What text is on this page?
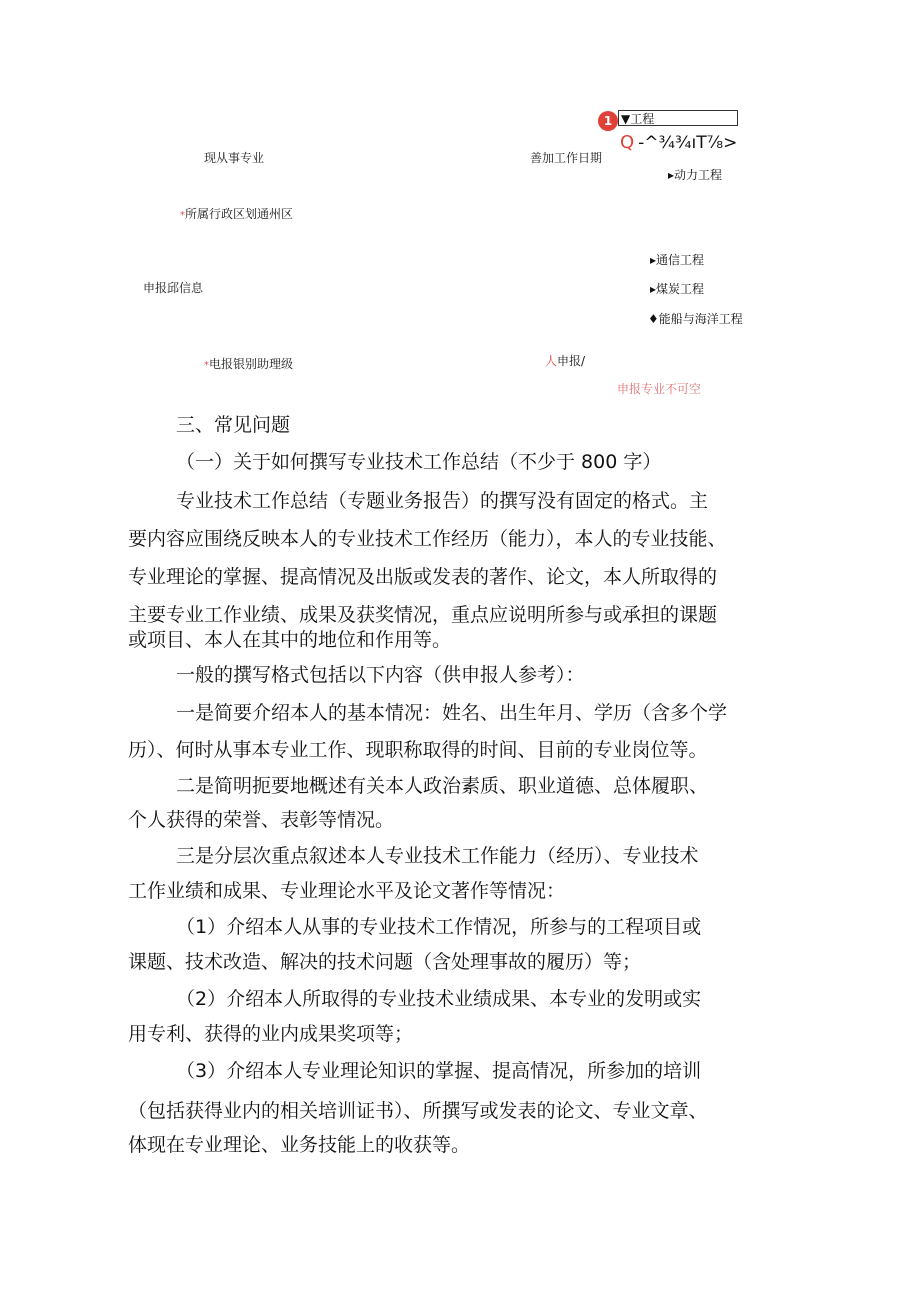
1 ▼工程
Q -^¾¾ıT⅞>
现从事专业	善加工作日期
▸动力工程
*所属行政区划通州区
▸通信工程
申报邱信息	▸煤炭工程
♦能船与海洋工程
*电报银别助理级	人申报/
申报专业不可空
三、常见问题
（一）关于如何撰写专业技术工作总结（不少于 800 字）
专业技术工作总结（专题业务报告）的撰写没有固定的格式。主
要内容应围绕反映本人的专业技术工作经历（能力），本人的专业技能、
专业理论的掌握、提高情况及出版或发表的著作、论文，本人所取得的
主要专业工作业绩、成果及获奖情况，重点应说明所参与或承担的课题
或项目、本人在其中的地位和作用等。
一般的撰写格式包括以下内容（供申报人参考）：
一是简要介绍本人的基本情况：姓名、出生年月、学历（含多个学
历）、何时从事本专业工作、现职称取得的时间、目前的专业岗位等。
二是简明扼要地概述有关本人政治素质、职业道德、总体履职、
个人获得的荣誉、表彰等情况。
三是分层次重点叙述本人专业技术工作能力（经历）、专业技术
工作业绩和成果、专业理论水平及论文著作等情况：
（1）介绍本人从事的专业技术工作情况，所参与的工程项目或
课题、技术改造、解决的技术问题（含处理事故的履历）等；
（2）介绍本人所取得的专业技术业绩成果、本专业的发明或实
用专利、获得的业内成果奖项等；
（3）介绍本人专业理论知识的掌握、提高情况，所参加的培训
（包括获得业内的相关培训证书）、所撰写或发表的论文、专业文章、
体现在专业理论、业务技能上的收获等。
